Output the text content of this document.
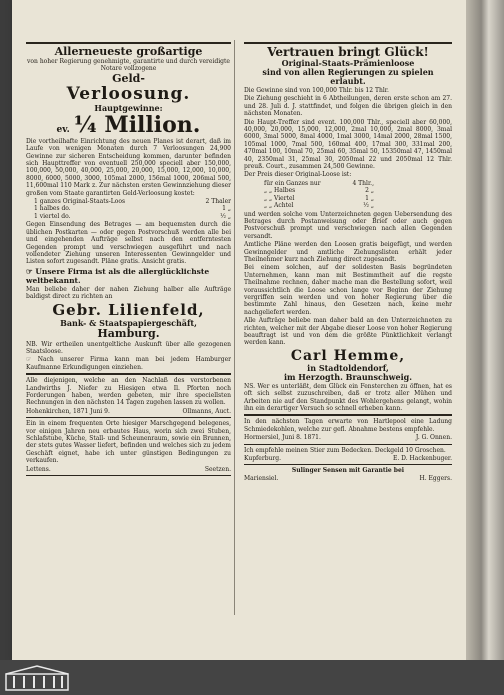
Allerneueste großartige
von hoher Regierung genehmigte, garantirte und durch vereidigte Notare vollzogene
Geld-
Verloosung.
Hauptgewinne:
ev. ¼ Million.
Die vortheilhafte Einrichtung des neuen Planes ist derart, daß im Laufe von wenigen Monaten durch 7 Verloosungen 24,900 Gewinne zur sicheren Entscheidung kommen, darunter befinden sich Haupttreffer von eventuell 250,000 speciell aber 150,000, 100,000, 50,000, 40,000, 25,000, 20,000, 15,000, 12,000, 10,000, 8000, 6000, 5000, 3000, 105mal 2000, 156mal 1000, 206mal 500, 11,600mal 110 Mark z. Zur nächsten ersten Gewinnziehung dieser großen vom Staate garantirten Geld-Verloosung kostet:
1 ganzes Original-Staats-Loos	2 Thaler
1 halbes do.	1 „
1 viertel do.	½ „
Gegen Einsendung des Betrages — am bequemsten durch die üblichen Postkarten — oder gegen Postvorschuß werden alle bei und eingehenden Aufträge selbst nach den entferntesten Gegenden prompt und verschwiegen ausgeführt und nach vollendeter Ziehung unseren Interessenten Gewinngelder und Listen sofort zugesandt. Pläne gratis. Ansicht gratis.
☞ Unsere Firma ist als die allerglücklichste weltbekannt.
Man beliebe daher der nahen Ziehung halber alle Aufträge baldigst direct zu richten an
Gebr. Lilienfeld,
Bank- & Staatspapiergeschäft,
Hamburg.
NB. Wir ertheilen unentgeltliche Auskunft über alle gezogenen Staatsloose.
☞ Nach unserer Firma kann man bei jedem Hamburger Kaufmanne Erkundigungen einziehen.
Alle diejenigen, welche an den Nachlaß des verstorbenen Landwirths J. Niefer zu Hiesigen etwa Il. Pforten noch Forderungen haben, werden gebeten, mir ihre speciellsten Rechnungen in den nächsten 14 Tagen zugehen lassen zu wollen.
Hohenkirchen, 1871 Juni 9.	Ollmanns, Auct.
Ein in einem frequenten Orte hiesiger Marschgegend belegenes, vor einigen Jahren neu erbautes Haus, worin sich zwei Stuben, Schlafstube, Küche, Stall- und Scheunenraum, sowie ein Brunnen, der stets gutes Wasser liefert, befinden und welches sich zu jedem Geschäft eignet, habe ich unter günstigen Bedingungen zu verkaufen.
Lettens.	Seetzen.
Vertrauen bringt Glück!
Original-Staats-Prämienloose
sind von allen Regierungen zu spielen erlaubt.
Die Gewinne sind von 100,000 Thlr. bis 12 Thlr.
Die Ziehung geschieht in 6 Abtheilungen, deren erste schon am 27. und 28. Juli d. J. stattfindet, und folgen die übrigen gleich in den nächsten Monaten.
Die Haupt-Treffer sind event. 100,000 Thlr., speciell aber 60,000, 40,000, 20,000, 15,000, 12,000, 2mal 10,000, 2mal 8000, 3mal 6000, 3mal 5000, 8mal 4000, 1mal 3000, 14mal 2000, 28mal 1500, 105mal 1000, 7mal 500, 160mal 400, 17mal 300, 331mal 200, 470mal 100, 10mal 70, 25mal 60, 35mal 50, 15350mal 47, 1450mal 40, 2350mal 31, 25mal 30, 2050mal 22 und 2050mal 12 Thlr. preuß. Court., zusammen 24,500 Gewinne.
Der Preis dieser Original-Loose ist:
für ein Ganzes nur	4 Thlr.,
„ „ Halbes	2 „
„ „ Viertel	1 „
„ „ Achtel	½ „
und werden solche vom Unterzeichneten gegen Uebersendung des Betrages durch Postanweisung oder Brief oder auch gegen Postvorschuß prompt und verschwiegen nach allen Gegenden versandt.
Amtliche Pläne werden den Loosen gratis beigefügt, und werden Gewinngelder und amtliche Ziehungslisten erhält jeder Theilnehmer kurz nach Ziehung direct zugesandt.
Bei einem solchen, auf der solidesten Basis begründeten Unternehmen, kann man mit Bestimmtheit auf die regste Theilnahme rechnen, daher mache man die Bestellung sofort, weil voraussichtlich die Loose schon lange vor Beginn der Ziehung vergriffen sein werden und von hoher Regierung über die bestimmte Zahl hinaus, den Gesetzen nach, keine mehr nachgeliefert werden.
Alle Aufträge beliebe man daher bald an den Unterzeichneten zu richten, welcher mit der Abgabe dieser Loose von hoher Regierung beauftragt ist und von dem die größte Pünktlichkeit verlangt werden kann.
Carl Hemme,
in Stadtoldendorf,
im Herzogth. Braunschweig.
NS. Wer es unterläßt, dem Glück ein Fensterchen zu öffnen, hat es oft sich selbst zuzuschreiben, daß er trotz aller Mühen und Arbeiten nie auf den Standpunkt des Wohlergehens gelangt, wohin ihn ein derartiger Versuch so schnell erheben kann.
In den nächsten Tagen erwarte von Hartlepool eine Ladung Schmiedekohlen, welche zur gefl. Abnahme bestens empfehle.
Hormersiel, Juni 8. 1871.	J. G. Onnen.
Ich empfehle meinen Stier zum Bedecken. Deckgeld 10 Groschen.
Kupferburg.	E. D. Hackenbuger.
Sulinger Sensen mit Garantie bei
Mariensiel.	H. Eggers.
